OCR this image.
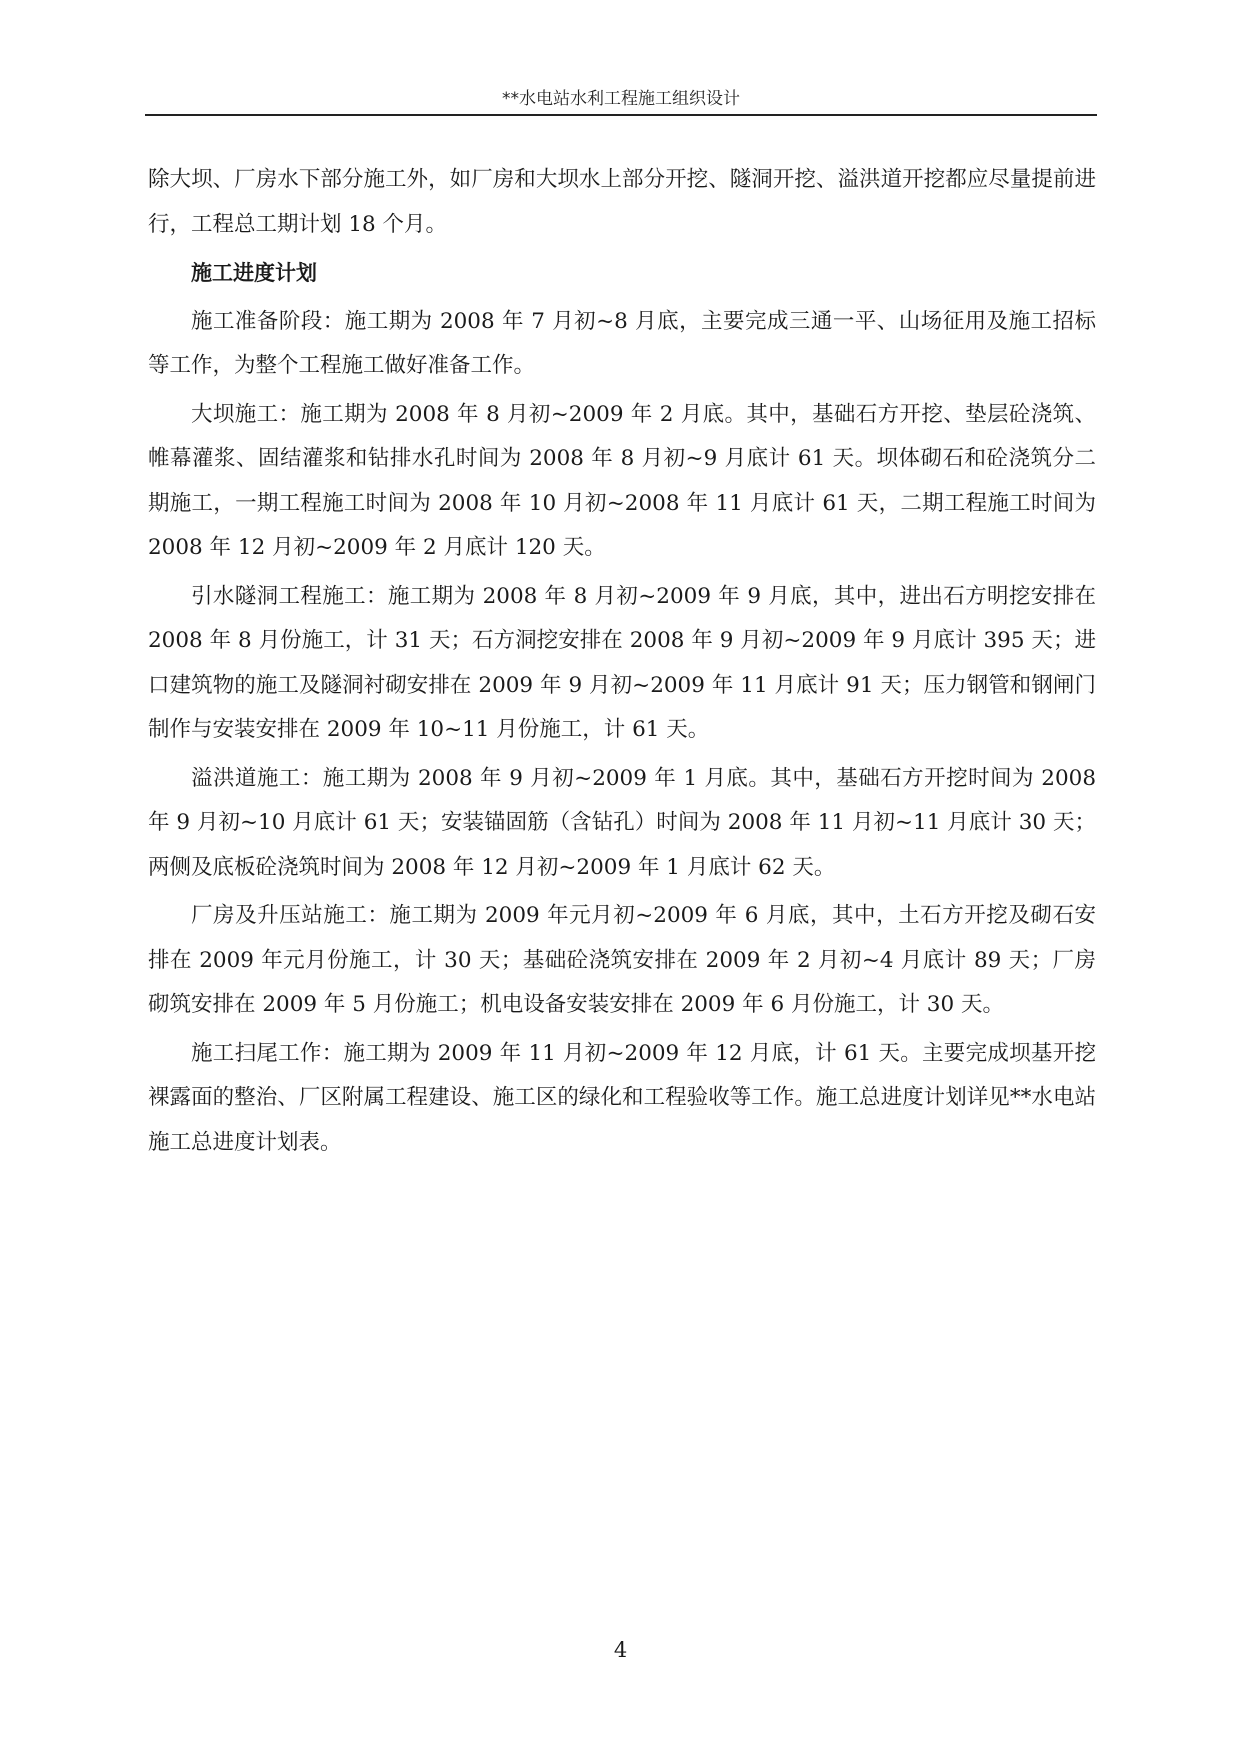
**水电站水利工程施工组织设计

除大坝、厂房水下部分施工外，如厂房和大坝水上部分开挖、隧洞开挖、溢洪道开挖都应尽量提前进行，工程总工期计划 18 个月。

施工进度计划

施工准备阶段：施工期为 2008 年 7 月初~8 月底，主要完成三通一平、山场征用及施工招标等工作，为整个工程施工做好准备工作。

大坝施工：施工期为 2008 年 8 月初~2009 年 2 月底。其中，基础石方开挖、垫层砼浇筑、帷幕灌浆、固结灌浆和钻排水孔时间为 2008 年 8 月初~9 月底计 61 天。坝体砌石和砼浇筑分二期施工，一期工程施工时间为 2008 年 10 月初~2008 年 11 月底计 61 天，二期工程施工时间为 2008 年 12 月初~2009 年 2 月底计 120 天。

引水隧洞工程施工：施工期为 2008 年 8 月初~2009 年 9 月底，其中，进出石方明挖安排在 2008 年 8 月份施工，计 31 天；石方洞挖安排在 2008 年 9 月初~2009 年 9 月底计 395 天；进口建筑物的施工及隧洞衬砌安排在 2009 年 9 月初~2009 年 11 月底计 91 天；压力钢管和钢闸门制作与安装安排在 2009 年 10~11 月份施工，计 61 天。

溢洪道施工：施工期为 2008 年 9 月初~2009 年 1 月底。其中，基础石方开挖时间为 2008 年 9 月初~10 月底计 61 天；安装锚固筋（含钻孔）时间为 2008 年 11 月初~11 月底计 30 天；两侧及底板砼浇筑时间为 2008 年 12 月初~2009 年 1 月底计 62 天。

厂房及升压站施工：施工期为 2009 年元月初~2009 年 6 月底，其中，土石方开挖及砌石安排在 2009 年元月份施工，计 30 天；基础砼浇筑安排在 2009 年 2 月初~4 月底计 89 天；厂房砌筑安排在 2009 年 5 月份施工；机电设备安装安排在 2009 年 6 月份施工，计 30 天。

施工扫尾工作：施工期为 2009 年 11 月初~2009 年 12 月底，计 61 天。主要完成坝基开挖裸露面的整治、厂区附属工程建设、施工区的绿化和工程验收等工作。施工总进度计划详见**水电站施工总进度计划表。

4
